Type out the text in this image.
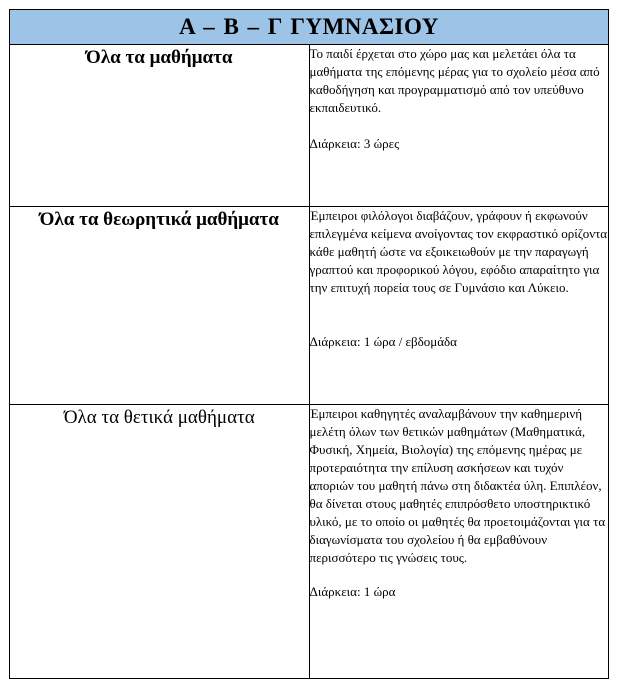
Α – Β – Γ ΓΥΜΝΑΣΙΟΥ	
Όλα τα μαθήματα	Το παιδί έρχεται στο χώρο μας και μελετάει όλα τα μαθήματα της επόμενης μέρας για το σχολείο μέσα από καθοδήγηση και προγραμματισμό από τον υπεύθυνο εκπαιδευτικό.
Διάρκεια: 3 ώρες

Όλα τα θεωρητικά μαθήματα	Έμπειροι φιλόλογοι διαβάζουν, γράφουν ή εκφωνούν επιλεγμένα κείμενα ανοίγοντας τον εκφραστικό ορίζοντα κάθε μαθητή ώστε να εξοικειωθούν με την παραγωγή γραπτού και προφορικού λόγου, εφόδιο απαραίτητο για την επιτυχή πορεία τους σε Γυμνάσιο και Λύκειο.
Διάρκεια: 1 ώρα / εβδομάδα

Όλα τα θετικά μαθήματα	Έμπειροι καθηγητές αναλαμβάνουν την καθημερινή μελέτη όλων των θετικών μαθημάτων (Μαθηματικά, Φυσική, Χημεία, Βιολογία) της επόμενης ημέρας με προτεραιότητα την επίλυση ασκήσεων και τυχόν αποριών του μαθητή πάνω στη διδακτέα ύλη. Επιπλέον, θα δίνεται στους μαθητές επιπρόσθετο υποστηρικτικό υλικό, με το οποίο οι μαθητές θα προετοιμάζονται για τα διαγωνίσματα του σχολείου ή θα εμβαθύνουν περισσότερο τις γνώσεις τους.
Διάρκεια: 1 ώρα
